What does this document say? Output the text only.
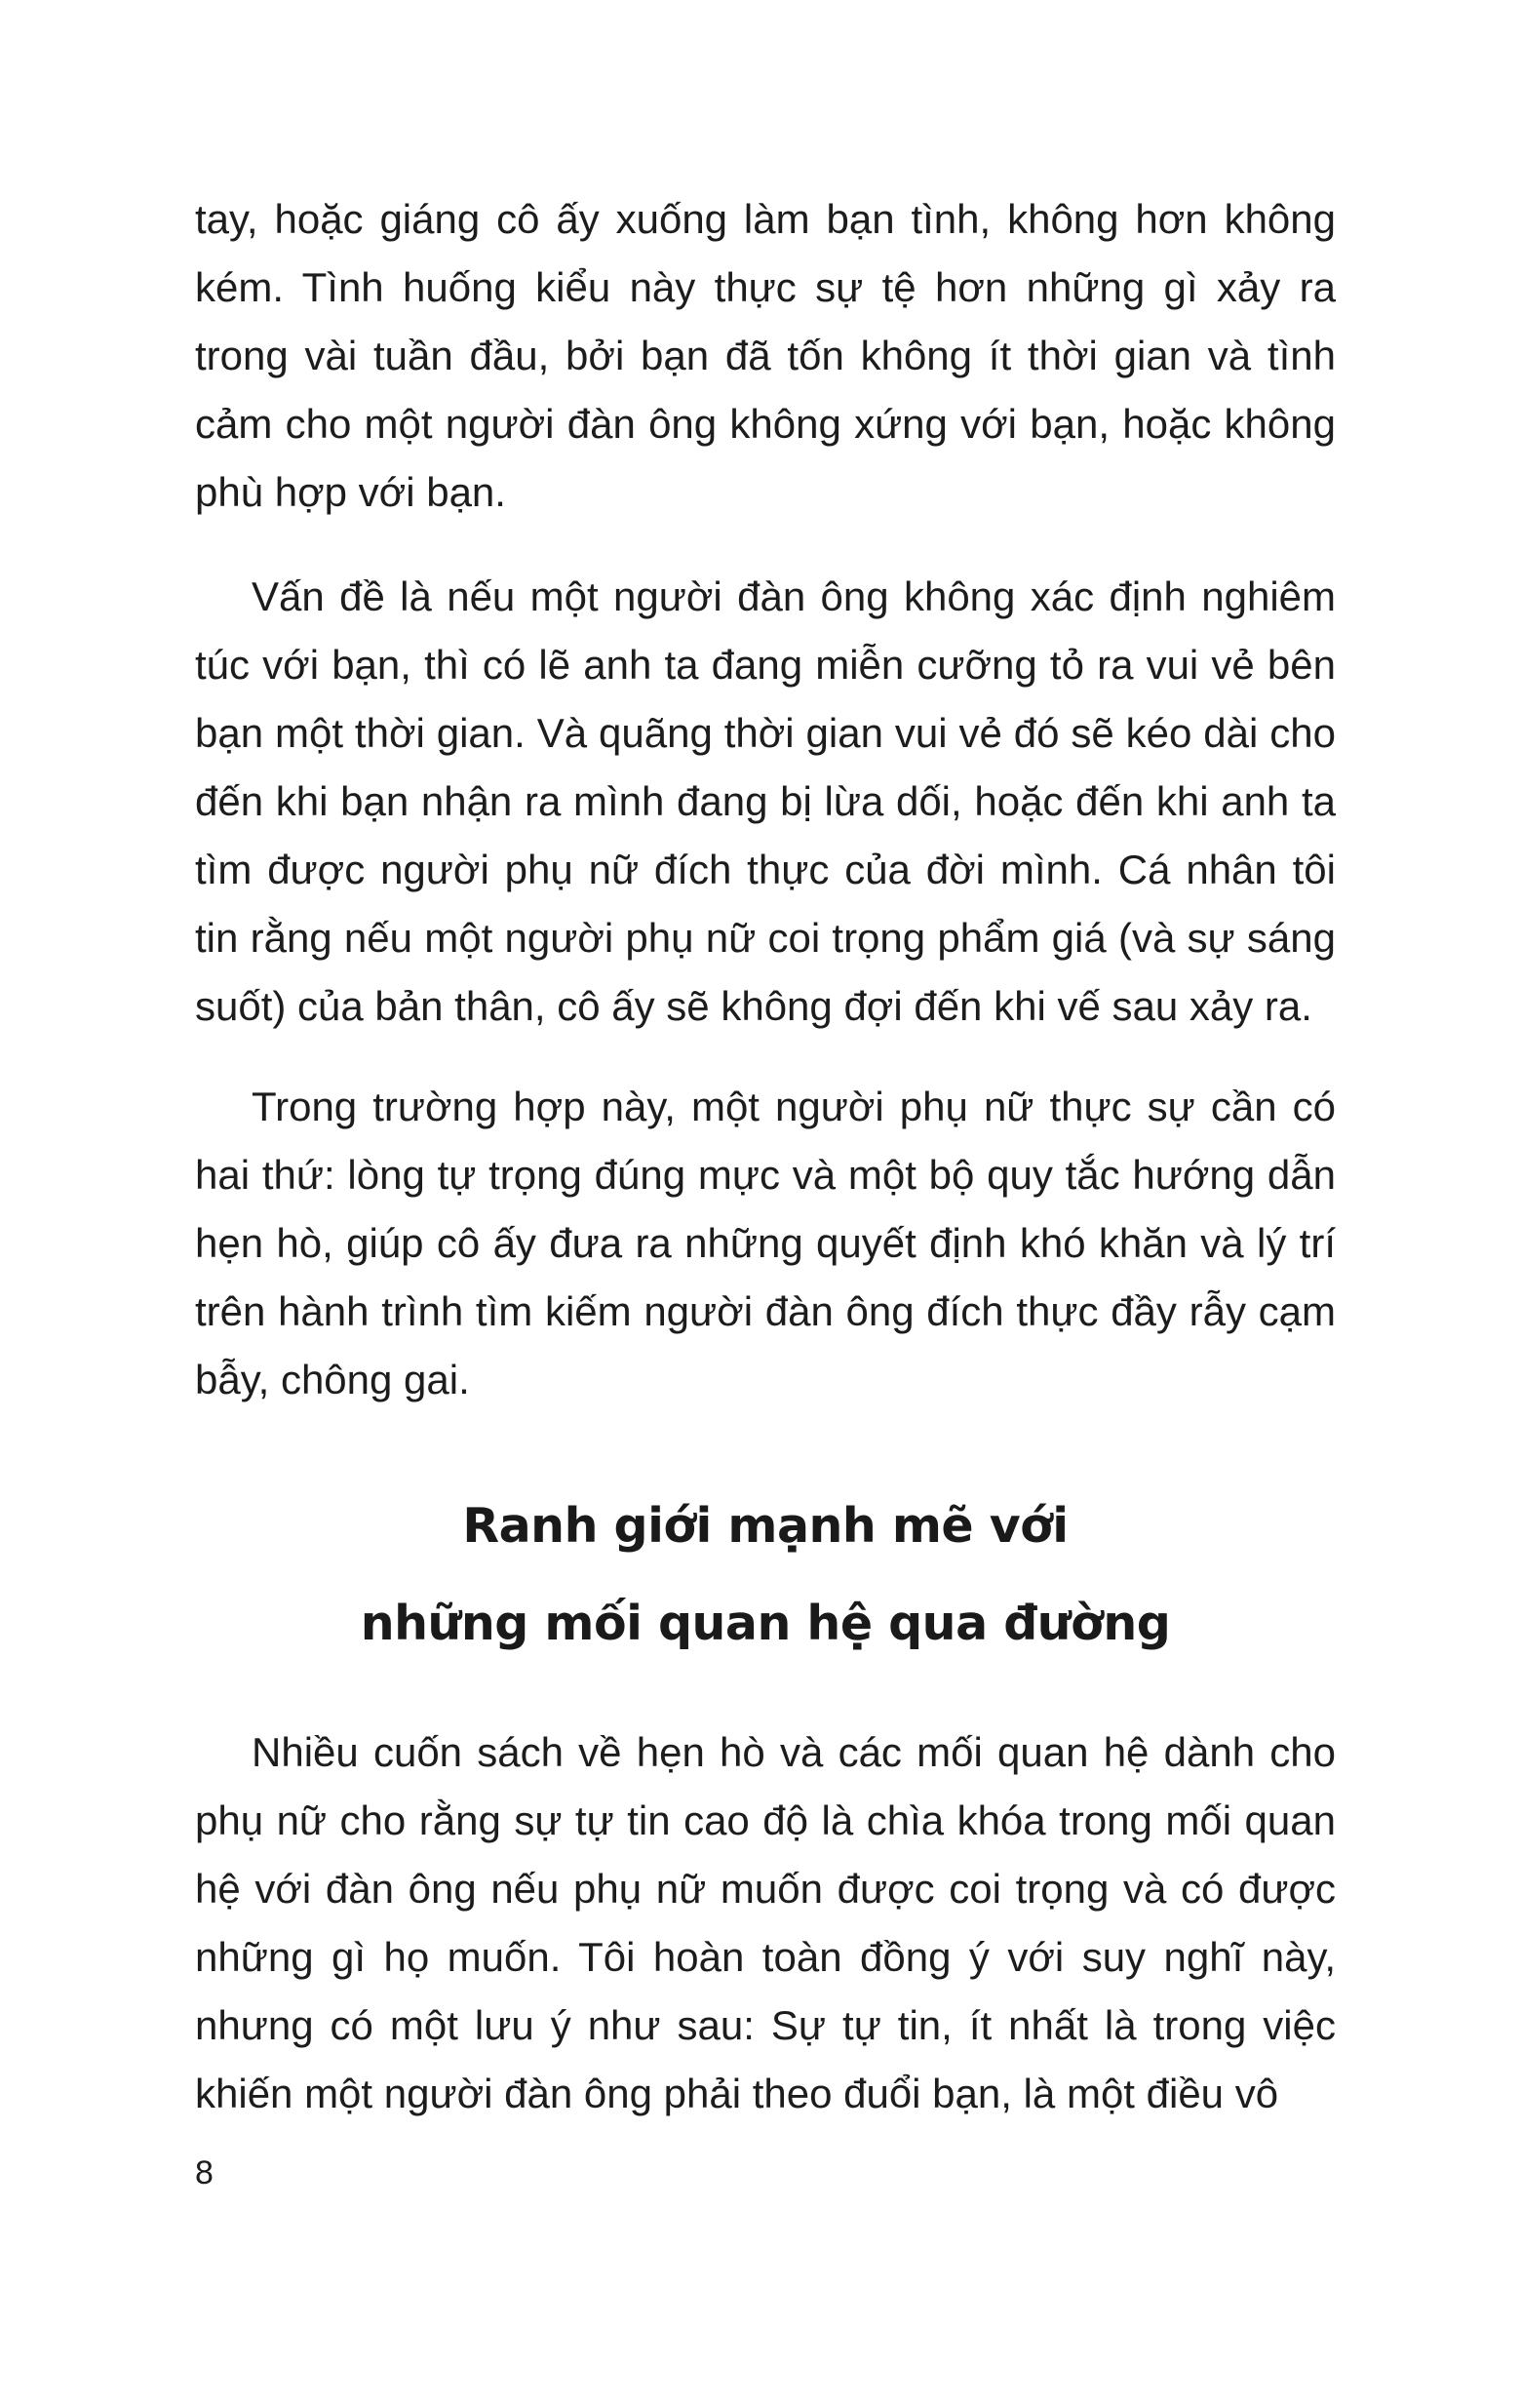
tay, hoặc giáng cô ấy xuống làm bạn tình, không hơn không kém. Tình huống kiểu này thực sự tệ hơn những gì xảy ra trong vài tuần đầu, bởi bạn đã tốn không ít thời gian và tình cảm cho một người đàn ông không xứng với bạn, hoặc không phù hợp với bạn.

Vấn đề là nếu một người đàn ông không xác định nghiêm túc với bạn, thì có lẽ anh ta đang miễn cưỡng tỏ ra vui vẻ bên bạn một thời gian. Và quãng thời gian vui vẻ đó sẽ kéo dài cho đến khi bạn nhận ra mình đang bị lừa dối, hoặc đến khi anh ta tìm được người phụ nữ đích thực của đời mình. Cá nhân tôi tin rằng nếu một người phụ nữ coi trọng phẩm giá (và sự sáng suốt) của bản thân, cô ấy sẽ không đợi đến khi vế sau xảy ra.

Trong trường hợp này, một người phụ nữ thực sự cần có hai thứ: lòng tự trọng đúng mực và một bộ quy tắc hướng dẫn hẹn hò, giúp cô ấy đưa ra những quyết định khó khăn và lý trí trên hành trình tìm kiếm người đàn ông đích thực đầy rẫy cạm bẫy, chông gai.

Ranh giới mạnh mẽ với
những mối quan hệ qua đường

Nhiều cuốn sách về hẹn hò và các mối quan hệ dành cho phụ nữ cho rằng sự tự tin cao độ là chìa khóa trong mối quan hệ với đàn ông nếu phụ nữ muốn được coi trọng và có được những gì họ muốn. Tôi hoàn toàn đồng ý với suy nghĩ này, nhưng có một lưu ý như sau: Sự tự tin, ít nhất là trong việc khiến một người đàn ông phải theo đuổi bạn, là một điều vô

8
